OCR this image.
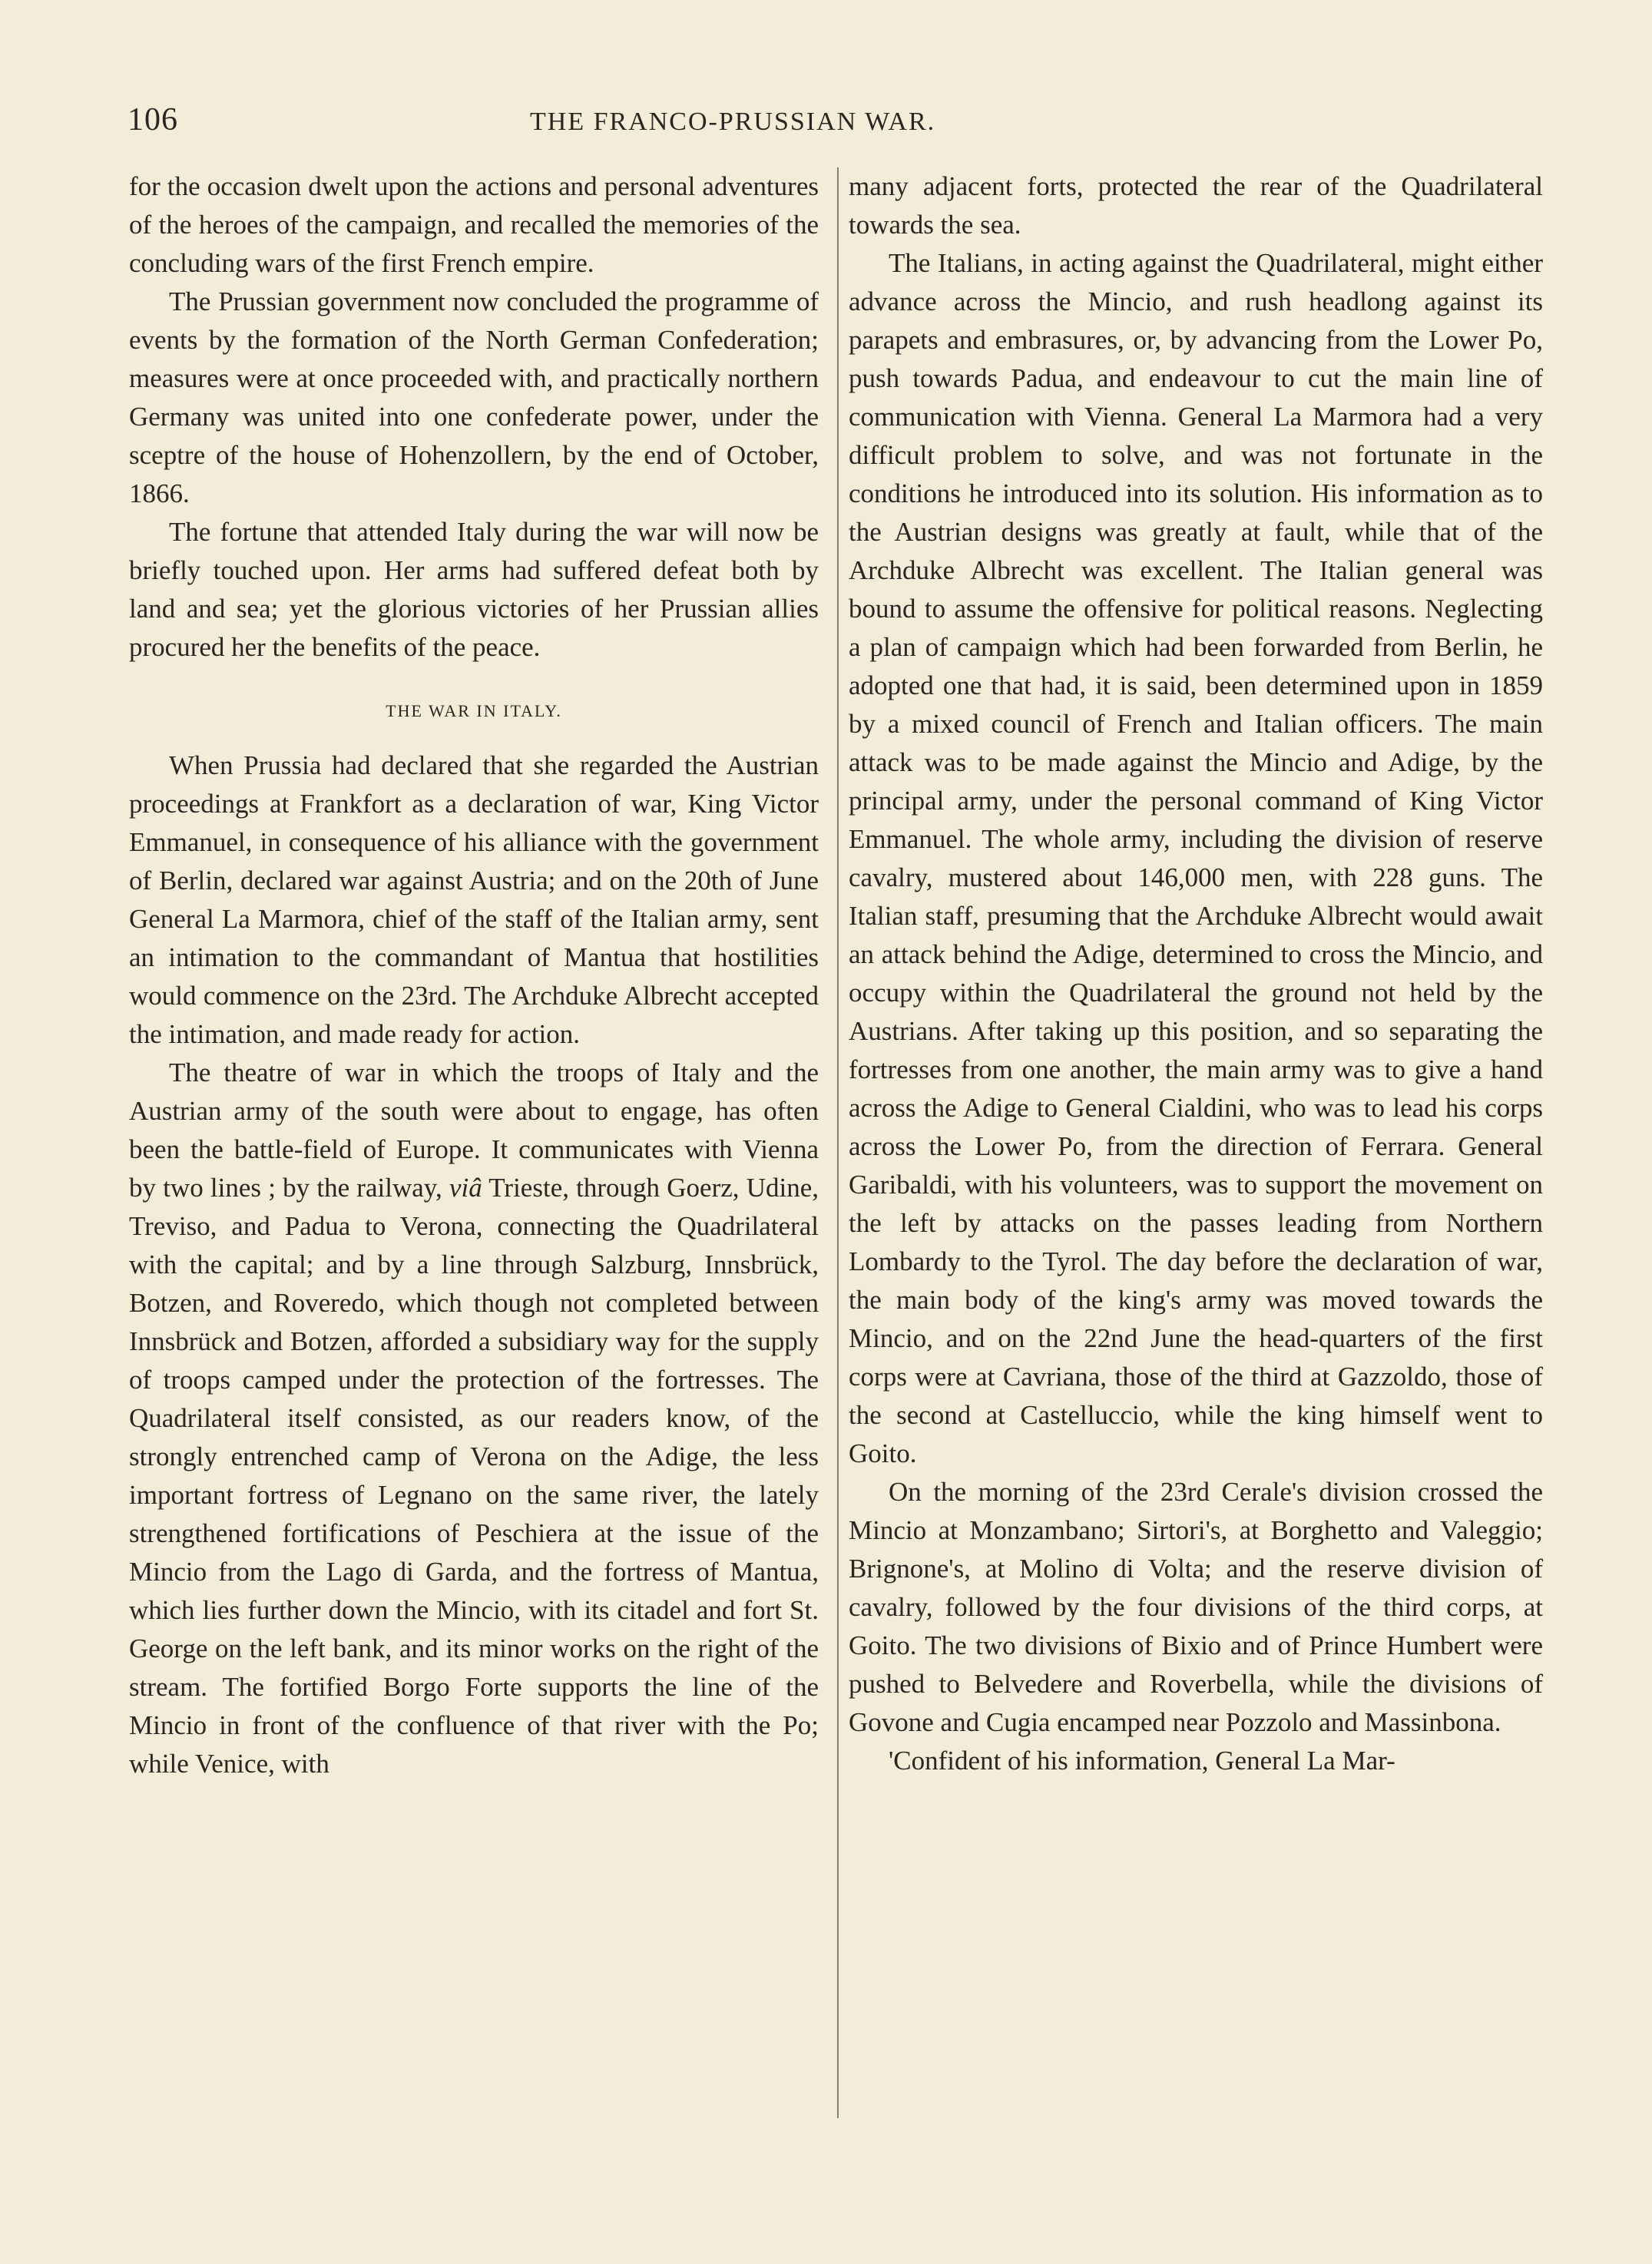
106	THE FRANCO-PRUSSIAN WAR.

for the occasion dwelt upon the actions and personal adventures of the heroes of the campaign, and recalled the memories of the concluding wars of the first French empire.

The Prussian government now concluded the programme of events by the formation of the North German Confederation; measures were at once proceeded with, and practically northern Germany was united into one confederate power, under the sceptre of the house of Hohenzollern, by the end of October, 1866.

The fortune that attended Italy during the war will now be briefly touched upon. Her arms had suffered defeat both by land and sea; yet the glorious victories of her Prussian allies procured her the benefits of the peace.

THE WAR IN ITALY.

When Prussia had declared that she regarded the Austrian proceedings at Frankfort as a declaration of war, King Victor Emmanuel, in consequence of his alliance with the government of Berlin, declared war against Austria; and on the 20th of June General La Marmora, chief of the staff of the Italian army, sent an intimation to the commandant of Mantua that hostilities would commence on the 23rd. The Archduke Albrecht accepted the intimation, and made ready for action.

The theatre of war in which the troops of Italy and the Austrian army of the south were about to engage, has often been the battle-field of Europe. It communicates with Vienna by two lines ; by the railway, viâ Trieste, through Goerz, Udine, Treviso, and Padua to Verona, connecting the Quadrilateral with the capital; and by a line through Salzburg, Innsbrück, Botzen, and Roveredo, which though not completed between Innsbrück and Botzen, afforded a subsidiary way for the supply of troops camped under the protection of the fortresses. The Quadrilateral itself consisted, as our readers know, of the strongly entrenched camp of Verona on the Adige, the less important fortress of Legnano on the same river, the lately strengthened fortifications of Peschiera at the issue of the Mincio from the Lago di Garda, and the fortress of Mantua, which lies further down the Mincio, with its citadel and fort St. George on the left bank, and its minor works on the right of the stream. The fortified Borgo Forte supports the line of the Mincio in front of the confluence of that river with the Po; while Venice, with

many adjacent forts, protected the rear of the Quadrilateral towards the sea.

The Italians, in acting against the Quadrilateral, might either advance across the Mincio, and rush headlong against its parapets and embrasures, or, by advancing from the Lower Po, push towards Padua, and endeavour to cut the main line of communication with Vienna. General La Marmora had a very difficult problem to solve, and was not fortunate in the conditions he introduced into its solution. His information as to the Austrian designs was greatly at fault, while that of the Archduke Albrecht was excellent. The Italian general was bound to assume the offensive for political reasons. Neglecting a plan of campaign which had been forwarded from Berlin, he adopted one that had, it is said, been determined upon in 1859 by a mixed council of French and Italian officers. The main attack was to be made against the Mincio and Adige, by the principal army, under the personal command of King Victor Emmanuel. The whole army, including the division of reserve cavalry, mustered about 146,000 men, with 228 guns. The Italian staff, presuming that the Archduke Albrecht would await an attack behind the Adige, determined to cross the Mincio, and occupy within the Quadrilateral the ground not held by the Austrians. After taking up this position, and so separating the fortresses from one another, the main army was to give a hand across the Adige to General Cialdini, who was to lead his corps across the Lower Po, from the direction of Ferrara. General Garibaldi, with his volunteers, was to support the movement on the left by attacks on the passes leading from Northern Lombardy to the Tyrol. The day before the declaration of war, the main body of the king's army was moved towards the Mincio, and on the 22nd June the head-quarters of the first corps were at Cavriana, those of the third at Gazzoldo, those of the second at Castelluccio, while the king himself went to Goito.

On the morning of the 23rd Cerale's division crossed the Mincio at Monzambano; Sirtori's, at Borghetto and Valeggio; Brignone's, at Molino di Volta; and the reserve division of cavalry, followed by the four divisions of the third corps, at Goito. The two divisions of Bixio and of Prince Humbert were pushed to Belvedere and Roverbella, while the divisions of Govone and Cugia encamped near Pozzolo and Massinbona.

'Confident of his information, General La Mar-
